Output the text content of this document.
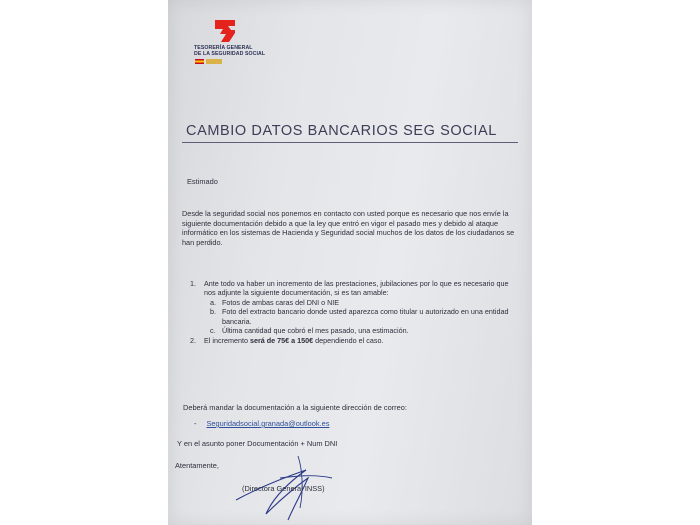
TESORERÍA GENERAL
DE LA SEGURIDAD SOCIAL
CAMBIO DATOS BANCARIOS SEG SOCIAL
Estimado
Desde la seguridad social nos ponemos en contacto con usted porque es necesario que nos envíe la siguiente documentación debido a que la ley que entró en vigor el pasado mes y debido al ataque informático en los sistemas de Hacienda y Seguridad social muchos de los datos de los ciudadanos se han perdido.
1. Ante todo va haber un incremento de las prestaciones, jubilaciones por lo que es necesario que nos adjunte la siguiente documentación, si es tan amable:
a. Fotos de ambas caras del DNI o NIE
b. Foto del extracto bancario donde usted aparezca como titular u autorizado en una entidad bancaria.
c. Última cantidad que cobró el mes pasado, una estimación.
2. El incremento será de 75€ a 150€ dependiendo el caso.
Deberá mandar la documentación a la siguiente dirección de correo:
- Seguridadsocial.granada@outlook.es
Y en el asunto poner Documentación + Num DNI
Atentamente,
(Directora General INSS)
